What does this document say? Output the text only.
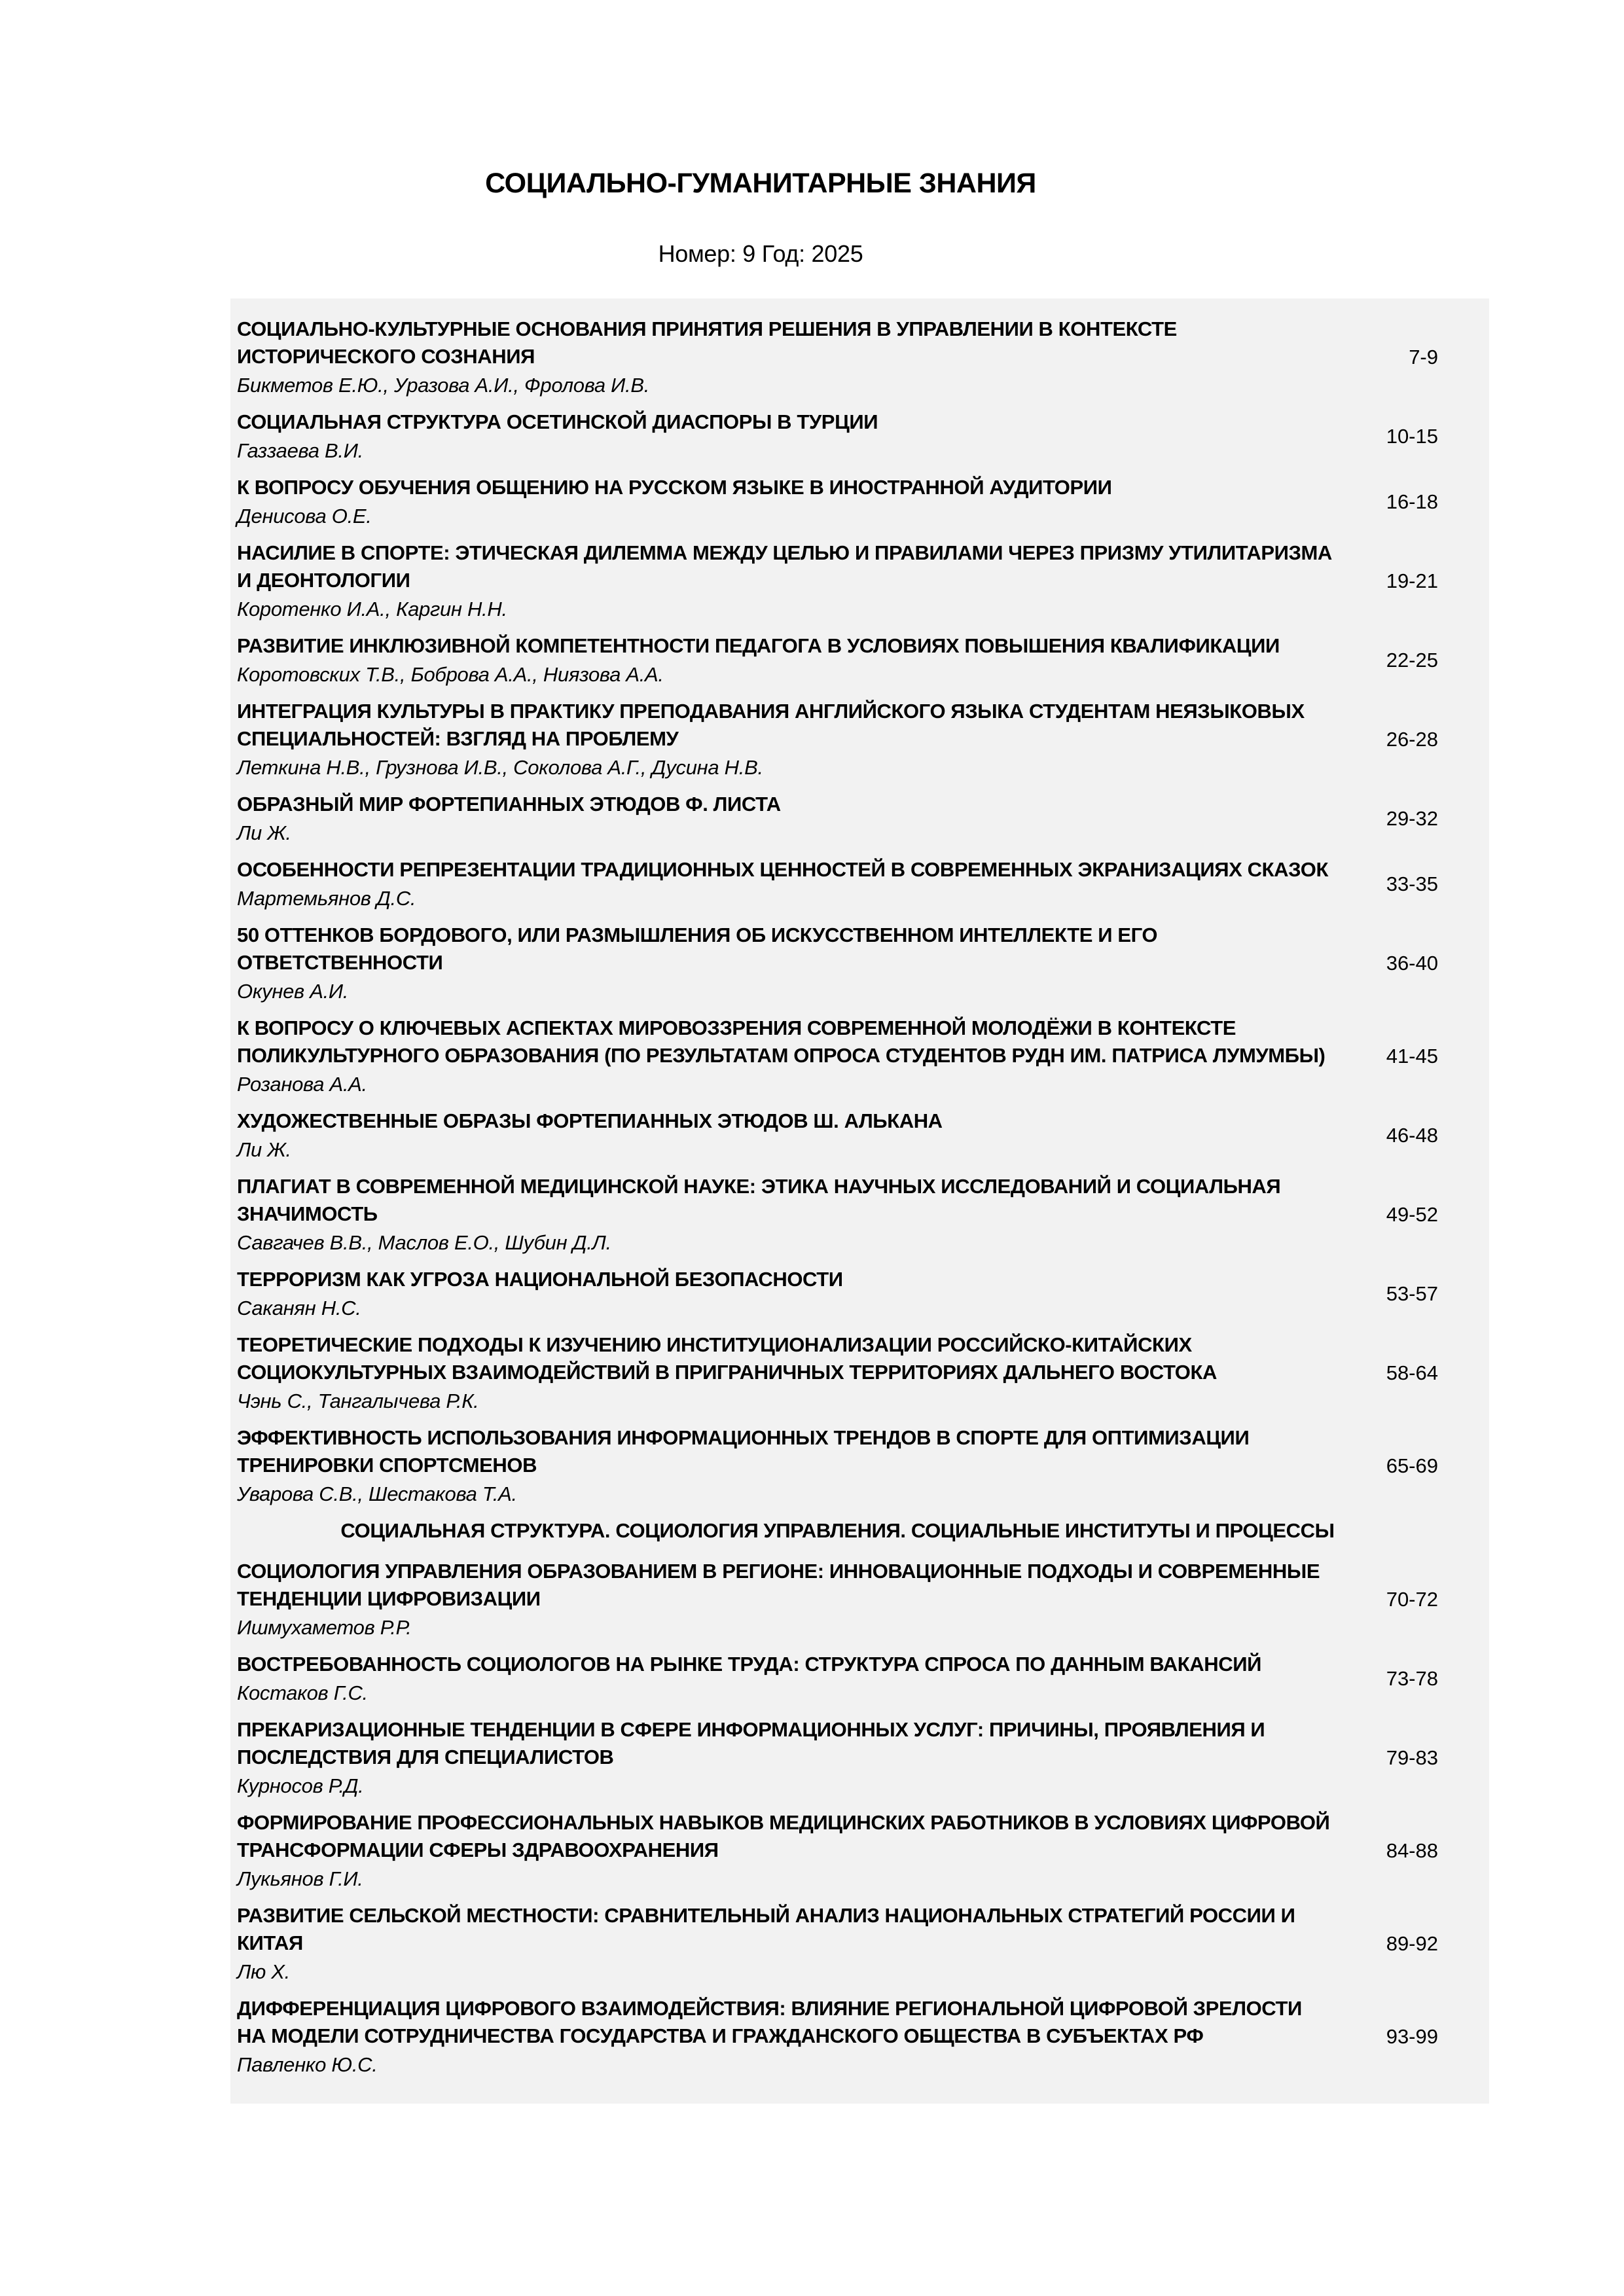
СОЦИАЛЬНО-ГУМАНИТАРНЫЕ ЗНАНИЯ
Номер: 9 Год: 2025
СОЦИАЛЬНО-КУЛЬТУРНЫЕ ОСНОВАНИЯ ПРИНЯТИЯ РЕШЕНИЯ В УПРАВЛЕНИИ В КОНТЕКСТЕ ИСТОРИЧЕСКОГО СОЗНАНИЯ
Бикметов Е.Ю., Уразова А.И., Фролова И.В.
7-9
СОЦИАЛЬНАЯ СТРУКТУРА ОСЕТИНСКОЙ ДИАСПОРЫ В ТУРЦИИ
Газзаева В.И.
10-15
К ВОПРОСУ ОБУЧЕНИЯ ОБЩЕНИЮ НА РУССКОМ ЯЗЫКЕ В ИНОСТРАННОЙ АУДИТОРИИ
Денисова О.Е.
16-18
НАСИЛИЕ В СПОРТЕ: ЭТИЧЕСКАЯ ДИЛЕММА МЕЖДУ ЦЕЛЬЮ И ПРАВИЛАМИ ЧЕРЕЗ ПРИЗМУ УТИЛИТАРИЗМА И ДЕОНТОЛОГИИ
Коротенко И.А., Каргин Н.Н.
19-21
РАЗВИТИЕ ИНКЛЮЗИВНОЙ КОМПЕТЕНТНОСТИ ПЕДАГОГА В УСЛОВИЯХ ПОВЫШЕНИЯ КВАЛИФИКАЦИИ
Коротовских Т.В., Боброва А.А., Ниязова А.А.
22-25
ИНТЕГРАЦИЯ КУЛЬТУРЫ В ПРАКТИКУ ПРЕПОДАВАНИЯ АНГЛИЙСКОГО ЯЗЫКА СТУДЕНТАМ НЕЯЗЫКОВЫХ СПЕЦИАЛЬНОСТЕЙ: ВЗГЛЯД НА ПРОБЛЕМУ
Леткина Н.В., Грузнова И.В., Соколова А.Г., Дусина Н.В.
26-28
ОБРАЗНЫЙ МИР ФОРТЕПИАННЫХ ЭТЮДОВ Ф. ЛИСТА
Ли Ж.
29-32
ОСОБЕННОСТИ РЕПРЕЗЕНТАЦИИ ТРАДИЦИОННЫХ ЦЕННОСТЕЙ В СОВРЕМЕННЫХ ЭКРАНИЗАЦИЯХ СКАЗОК
Мартемьянов Д.С.
33-35
50 ОТТЕНКОВ БОРДОВОГО, ИЛИ РАЗМЫШЛЕНИЯ ОБ ИСКУССТВЕННОМ ИНТЕЛЛЕКТЕ И ЕГО ОТВЕТСТВЕННОСТИ
Окунев А.И.
36-40
К ВОПРОСУ О КЛЮЧЕВЫХ АСПЕКТАХ МИРОВОЗЗРЕНИЯ СОВРЕМЕННОЙ МОЛОДЁЖИ В КОНТЕКСТЕ ПОЛИКУЛЬТУРНОГО ОБРАЗОВАНИЯ (ПО РЕЗУЛЬТАТАМ ОПРОСА СТУДЕНТОВ РУДН ИМ. ПАТРИСА ЛУМУМБЫ)
Розанова А.А.
41-45
ХУДОЖЕСТВЕННЫЕ ОБРАЗЫ ФОРТЕПИАННЫХ ЭТЮДОВ Ш. АЛЬКАНА
Ли Ж.
46-48
ПЛАГИАТ В СОВРЕМЕННОЙ МЕДИЦИНСКОЙ НАУКЕ: ЭТИКА НАУЧНЫХ ИССЛЕДОВАНИЙ И СОЦИАЛЬНАЯ ЗНАЧИМОСТЬ
Савгачев В.В., Маслов Е.О., Шубин Д.Л.
49-52
ТЕРРОРИЗМ КАК УГРОЗА НАЦИОНАЛЬНОЙ БЕЗОПАСНОСТИ
Саканян Н.С.
53-57
ТЕОРЕТИЧЕСКИЕ ПОДХОДЫ К ИЗУЧЕНИЮ ИНСТИТУЦИОНАЛИЗАЦИИ РОССИЙСКО-КИТАЙСКИХ СОЦИОКУЛЬТУРНЫХ ВЗАИМОДЕЙСТВИЙ В ПРИГРАНИЧНЫХ ТЕРРИТОРИЯХ ДАЛЬНЕГО ВОСТОКА
Чэнь С., Тангалычева Р.К.
58-64
ЭФФЕКТИВНОСТЬ ИСПОЛЬЗОВАНИЯ ИНФОРМАЦИОННЫХ ТРЕНДОВ В СПОРТЕ ДЛЯ ОПТИМИЗАЦИИ ТРЕНИРОВКИ СПОРТСМЕНОВ
Уварова С.В., Шестакова Т.А.
65-69
СОЦИАЛЬНАЯ СТРУКТУРА. СОЦИОЛОГИЯ УПРАВЛЕНИЯ. СОЦИАЛЬНЫЕ ИНСТИТУТЫ И ПРОЦЕССЫ
СОЦИОЛОГИЯ УПРАВЛЕНИЯ ОБРАЗОВАНИЕМ В РЕГИОНЕ: ИННОВАЦИОННЫЕ ПОДХОДЫ И СОВРЕМЕННЫЕ ТЕНДЕНЦИИ ЦИФРОВИЗАЦИИ
Ишмухаметов Р.Р.
70-72
ВОСТРЕБОВАННОСТЬ СОЦИОЛОГОВ НА РЫНКЕ ТРУДА: СТРУКТУРА СПРОСА ПО ДАННЫМ ВАКАНСИЙ
Костаков Г.С.
73-78
ПРЕКАРИЗАЦИОННЫЕ ТЕНДЕНЦИИ В СФЕРЕ ИНФОРМАЦИОННЫХ УСЛУГ: ПРИЧИНЫ, ПРОЯВЛЕНИЯ И ПОСЛЕДСТВИЯ ДЛЯ СПЕЦИАЛИСТОВ
Курносов Р.Д.
79-83
ФОРМИРОВАНИЕ ПРОФЕССИОНАЛЬНЫХ НАВЫКОВ МЕДИЦИНСКИХ РАБОТНИКОВ В УСЛОВИЯХ ЦИФРОВОЙ ТРАНСФОРМАЦИИ СФЕРЫ ЗДРАВООХРАНЕНИЯ
Лукьянов Г.И.
84-88
РАЗВИТИЕ СЕЛЬСКОЙ МЕСТНОСТИ: СРАВНИТЕЛЬНЫЙ АНАЛИЗ НАЦИОНАЛЬНЫХ СТРАТЕГИЙ РОССИИ И КИТАЯ
Лю Х.
89-92
ДИФФЕРЕНЦИАЦИЯ ЦИФРОВОГО ВЗАИМОДЕЙСТВИЯ: ВЛИЯНИЕ РЕГИОНАЛЬНОЙ ЦИФРОВОЙ ЗРЕЛОСТИ НА МОДЕЛИ СОТРУДНИЧЕСТВА ГОСУДАРСТВА И ГРАЖДАНСКОГО ОБЩЕСТВА В СУБЪЕКТАХ РФ
Павленко Ю.С.
93-99
